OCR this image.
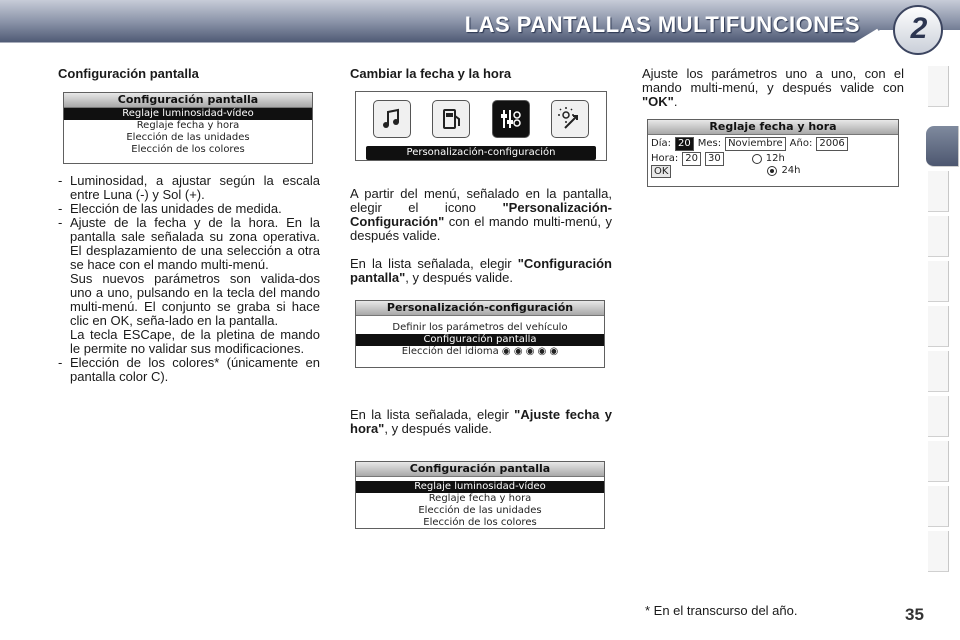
LAS PANTALLAS MULTIFUNCIONES	2
Configuración pantalla
Configuración pantalla
Reglaje luminosidad-vídeo
Reglaje fecha y hora
Elección de las unidades
Elección de los colores
- Luminosidad, a ajustar según la escala entre Luna (-) y Sol (+).
- Elección de las unidades de medida.
- Ajuste de la fecha y de la hora. En la pantalla sale señalada su zona operativa. El desplazamiento de una selección a otra se hace con el mando multi-menú.
Sus nuevos parámetros son valida-dos uno a uno, pulsando en la tecla del mando multi-menú. El conjunto se graba si hace clic en OK, seña-lado en la pantalla.
La tecla ESCape, de la pletina de mando le permite no validar sus modificaciones.
- Elección de los colores* (únicamente en pantalla color C).
Cambiar la fecha y la hora
Personalización-configuración

A partir del menú, señalado en la pantalla, elegir el icono "Personalización-Configuración" con el mando multi-menú, y después valide.

En la lista señalada, elegir "Configuración pantalla", y después valide.

Personalización-configuración
Definir los parámetros del vehículo
Configuración pantalla
Elección del idioma ◉ ◉ ◉ ◉ ◉

En la lista señalada, elegir "Ajuste fecha y hora", y después valide.

Configuración pantalla
Reglaje luminosidad-vídeo
Reglaje fecha y hora
Elección de las unidades
Elección de los colores

Ajuste los parámetros uno a uno, con el mando multi-menú, y después valide con "OK".

Reglaje fecha y hora
Día: 20 Mes: Noviembre Año: 2006
Hora: 20	30	12h
OK	24h
* En el transcurso del año.	35
